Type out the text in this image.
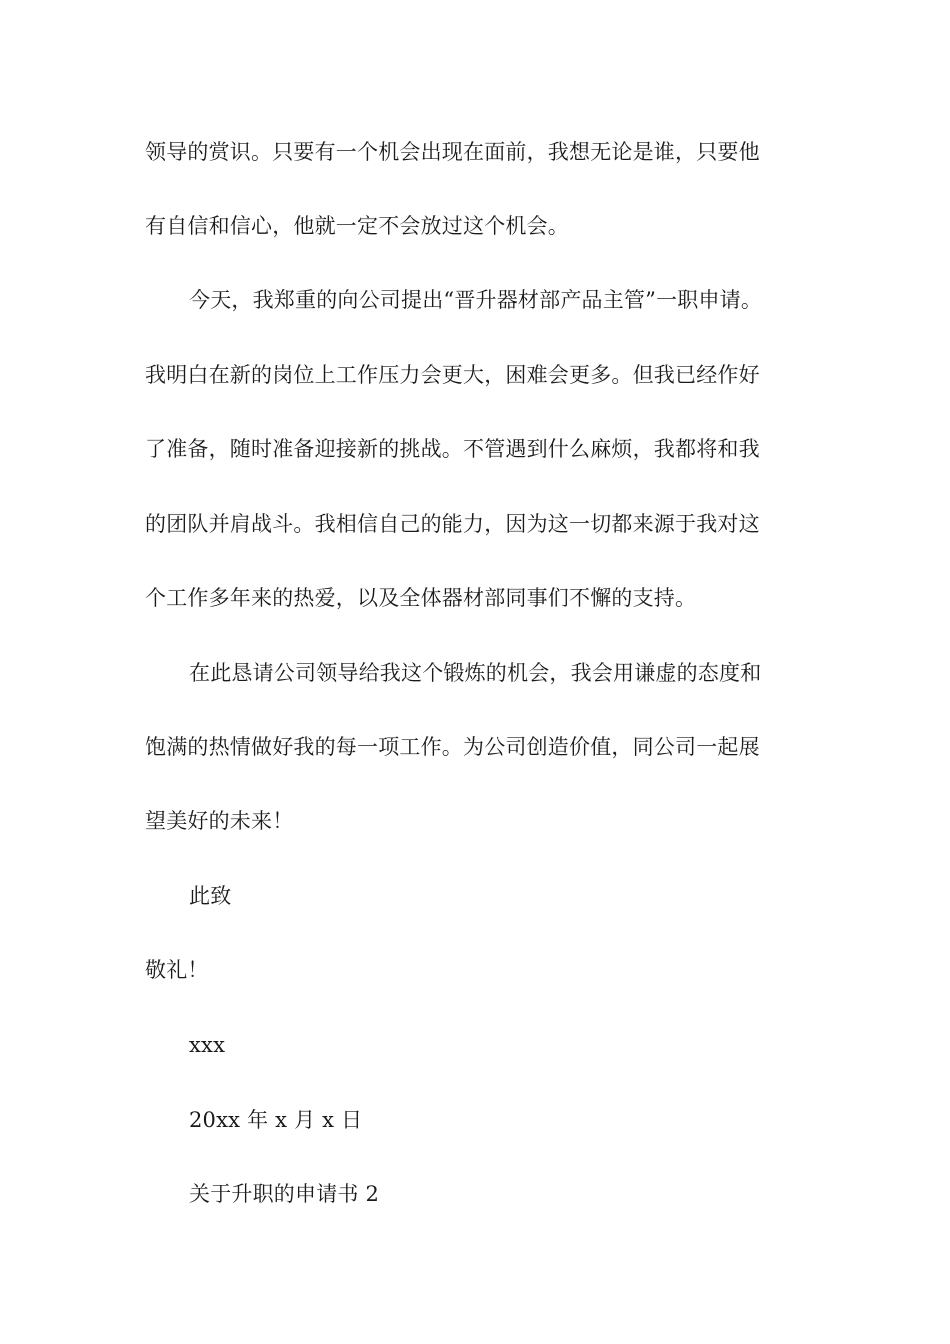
领导的赏识。只要有一个机会出现在面前，我想无论是谁，只要他
有自信和信心，他就一定不会放过这个机会。
今天，我郑重的向公司提出“晋升器材部产品主管”一职申请。
我明白在新的岗位上工作压力会更大，困难会更多。但我已经作好
了准备，随时准备迎接新的挑战。不管遇到什么麻烦，我都将和我
的团队并肩战斗。我相信自己的能力，因为这一切都来源于我对这
个工作多年来的热爱，以及全体器材部同事们不懈的支持。
在此恳请公司领导给我这个锻炼的机会，我会用谦虚的态度和
饱满的热情做好我的每一项工作。为公司创造价值，同公司一起展
望美好的未来！
此致
敬礼！
xxx
20xx 年 x 月 x 日
关于升职的申请书 2
